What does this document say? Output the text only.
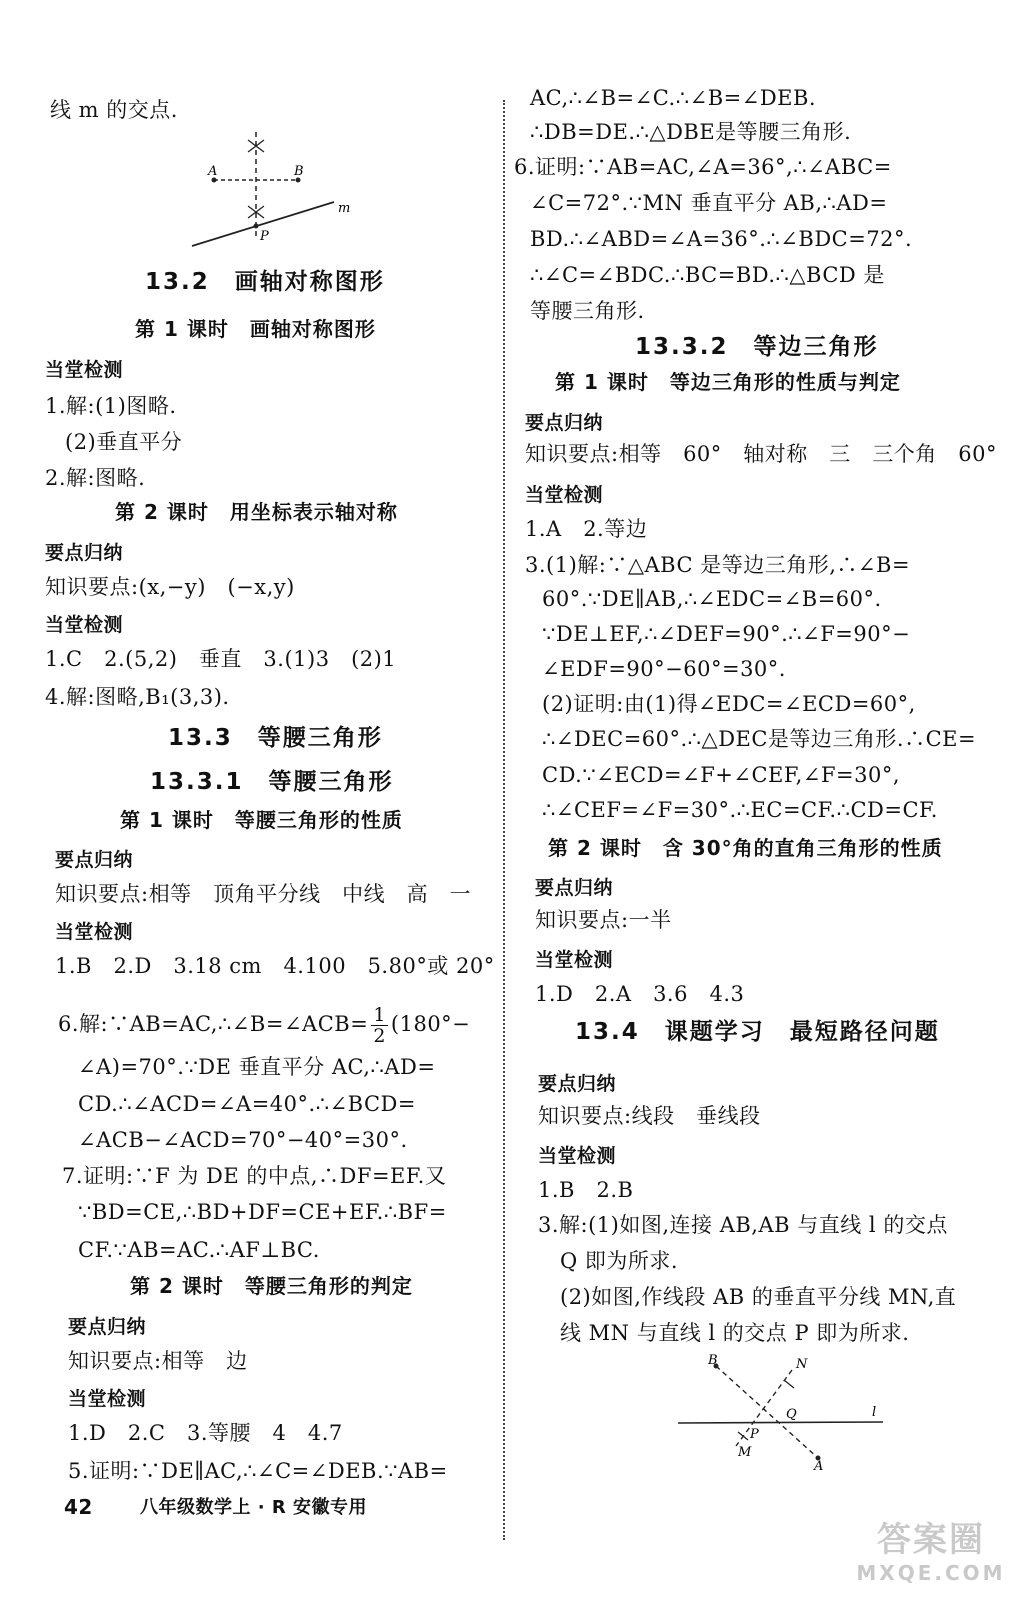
线 m 的交点.
A	B
m
P
13.2　画轴对称图形
第 1 课时　画轴对称图形
当堂检测
1.解:(1)图略.
(2)垂直平分
2.解:图略.
第 2 课时　用坐标表示轴对称
要点归纳
知识要点:(x,−y)　(−x,y)
当堂检测
1.C　2.(5,2)　垂直　3.(1)3　(2)1
4.解:图略,B₁(3,3).
13.3　等腰三角形
13.3.1　等腰三角形
第 1 课时　等腰三角形的性质
要点归纳
知识要点:相等　顶角平分线　中线　高　一
当堂检测
1.B　2.D　3.18 cm　4.100　5.80°或 20°
6.解:∵AB=AC,∴∠B=∠ACB= $\frac{1}{2} (180^\circ-$
∠A)=70°.∵DE 垂直平分 AC,∴AD=
CD.∴∠ACD=∠A=40°.∴∠BCD=
∠ACB−∠ACD=70°−40°=30°.
7.证明:∵F 为 DE 的中点,∴DF=EF.又
∵BD=CE,∴BD+DF=CE+EF.∴BF=
CF.∵AB=AC.∴AF⊥BC.
第 2 课时　等腰三角形的判定
要点归纳
知识要点:相等　边
当堂检测
1.D　2.C　3.等腰　4　4.7
5.证明:∵DE∥AC,∴∠C=∠DEB.∵AB=
42	八年级数学上 · R 安徽专用
AC,∴∠B=∠C.∴∠B=∠DEB.
∴DB=DE.∴△DBE是等腰三角形.
6.证明:∵AB=AC,∠A=36°,∴∠ABC=
∠C=72°.∵MN 垂直平分 AB,∴AD=
BD.∴∠ABD=∠A=36°.∴∠BDC=72°.
∴∠C=∠BDC.∴BC=BD.∴△BCD 是
等腰三角形.
13.3.2　等边三角形
第 1 课时　等边三角形的性质与判定
要点归纳
知识要点:相等　60°　轴对称　三　三个角　60°
当堂检测
1.A　2.等边
3.(1)解:∵△ABC 是等边三角形,∴∠B=
60°.∵DE∥AB,∴∠EDC=∠B=60°.
∵DE⊥EF,∴∠DEF=90°.∴∠F=90°−
∠EDF=90°−60°=30°.
(2)证明:由(1)得∠EDC=∠ECD=60°,
∴∠DEC=60°.∴△DEC是等边三角形.∴CE=
CD.∵∠ECD=∠F+∠CEF,∠F=30°,
∴∠CEF=∠F=30°.∴EC=CF.∴CD=CF.
第 2 课时　含 30°角的直角三角形的性质
要点归纳
知识要点:一半
当堂检测
1.D　2.A　3.6　4.3
13.4　课题学习　最短路径问题
要点归纳
知识要点:线段　垂线段
当堂检测
1.B　2.B
3.解:(1)如图,连接 AB,AB 与直线 l 的交点
Q 即为所求.
(2)如图,作线段 AB 的垂直平分线 MN,直
线 MN 与直线 l 的交点 P 即为所求.
B	N
Q	l
P
M
A
答案圈
MXQE.COM
